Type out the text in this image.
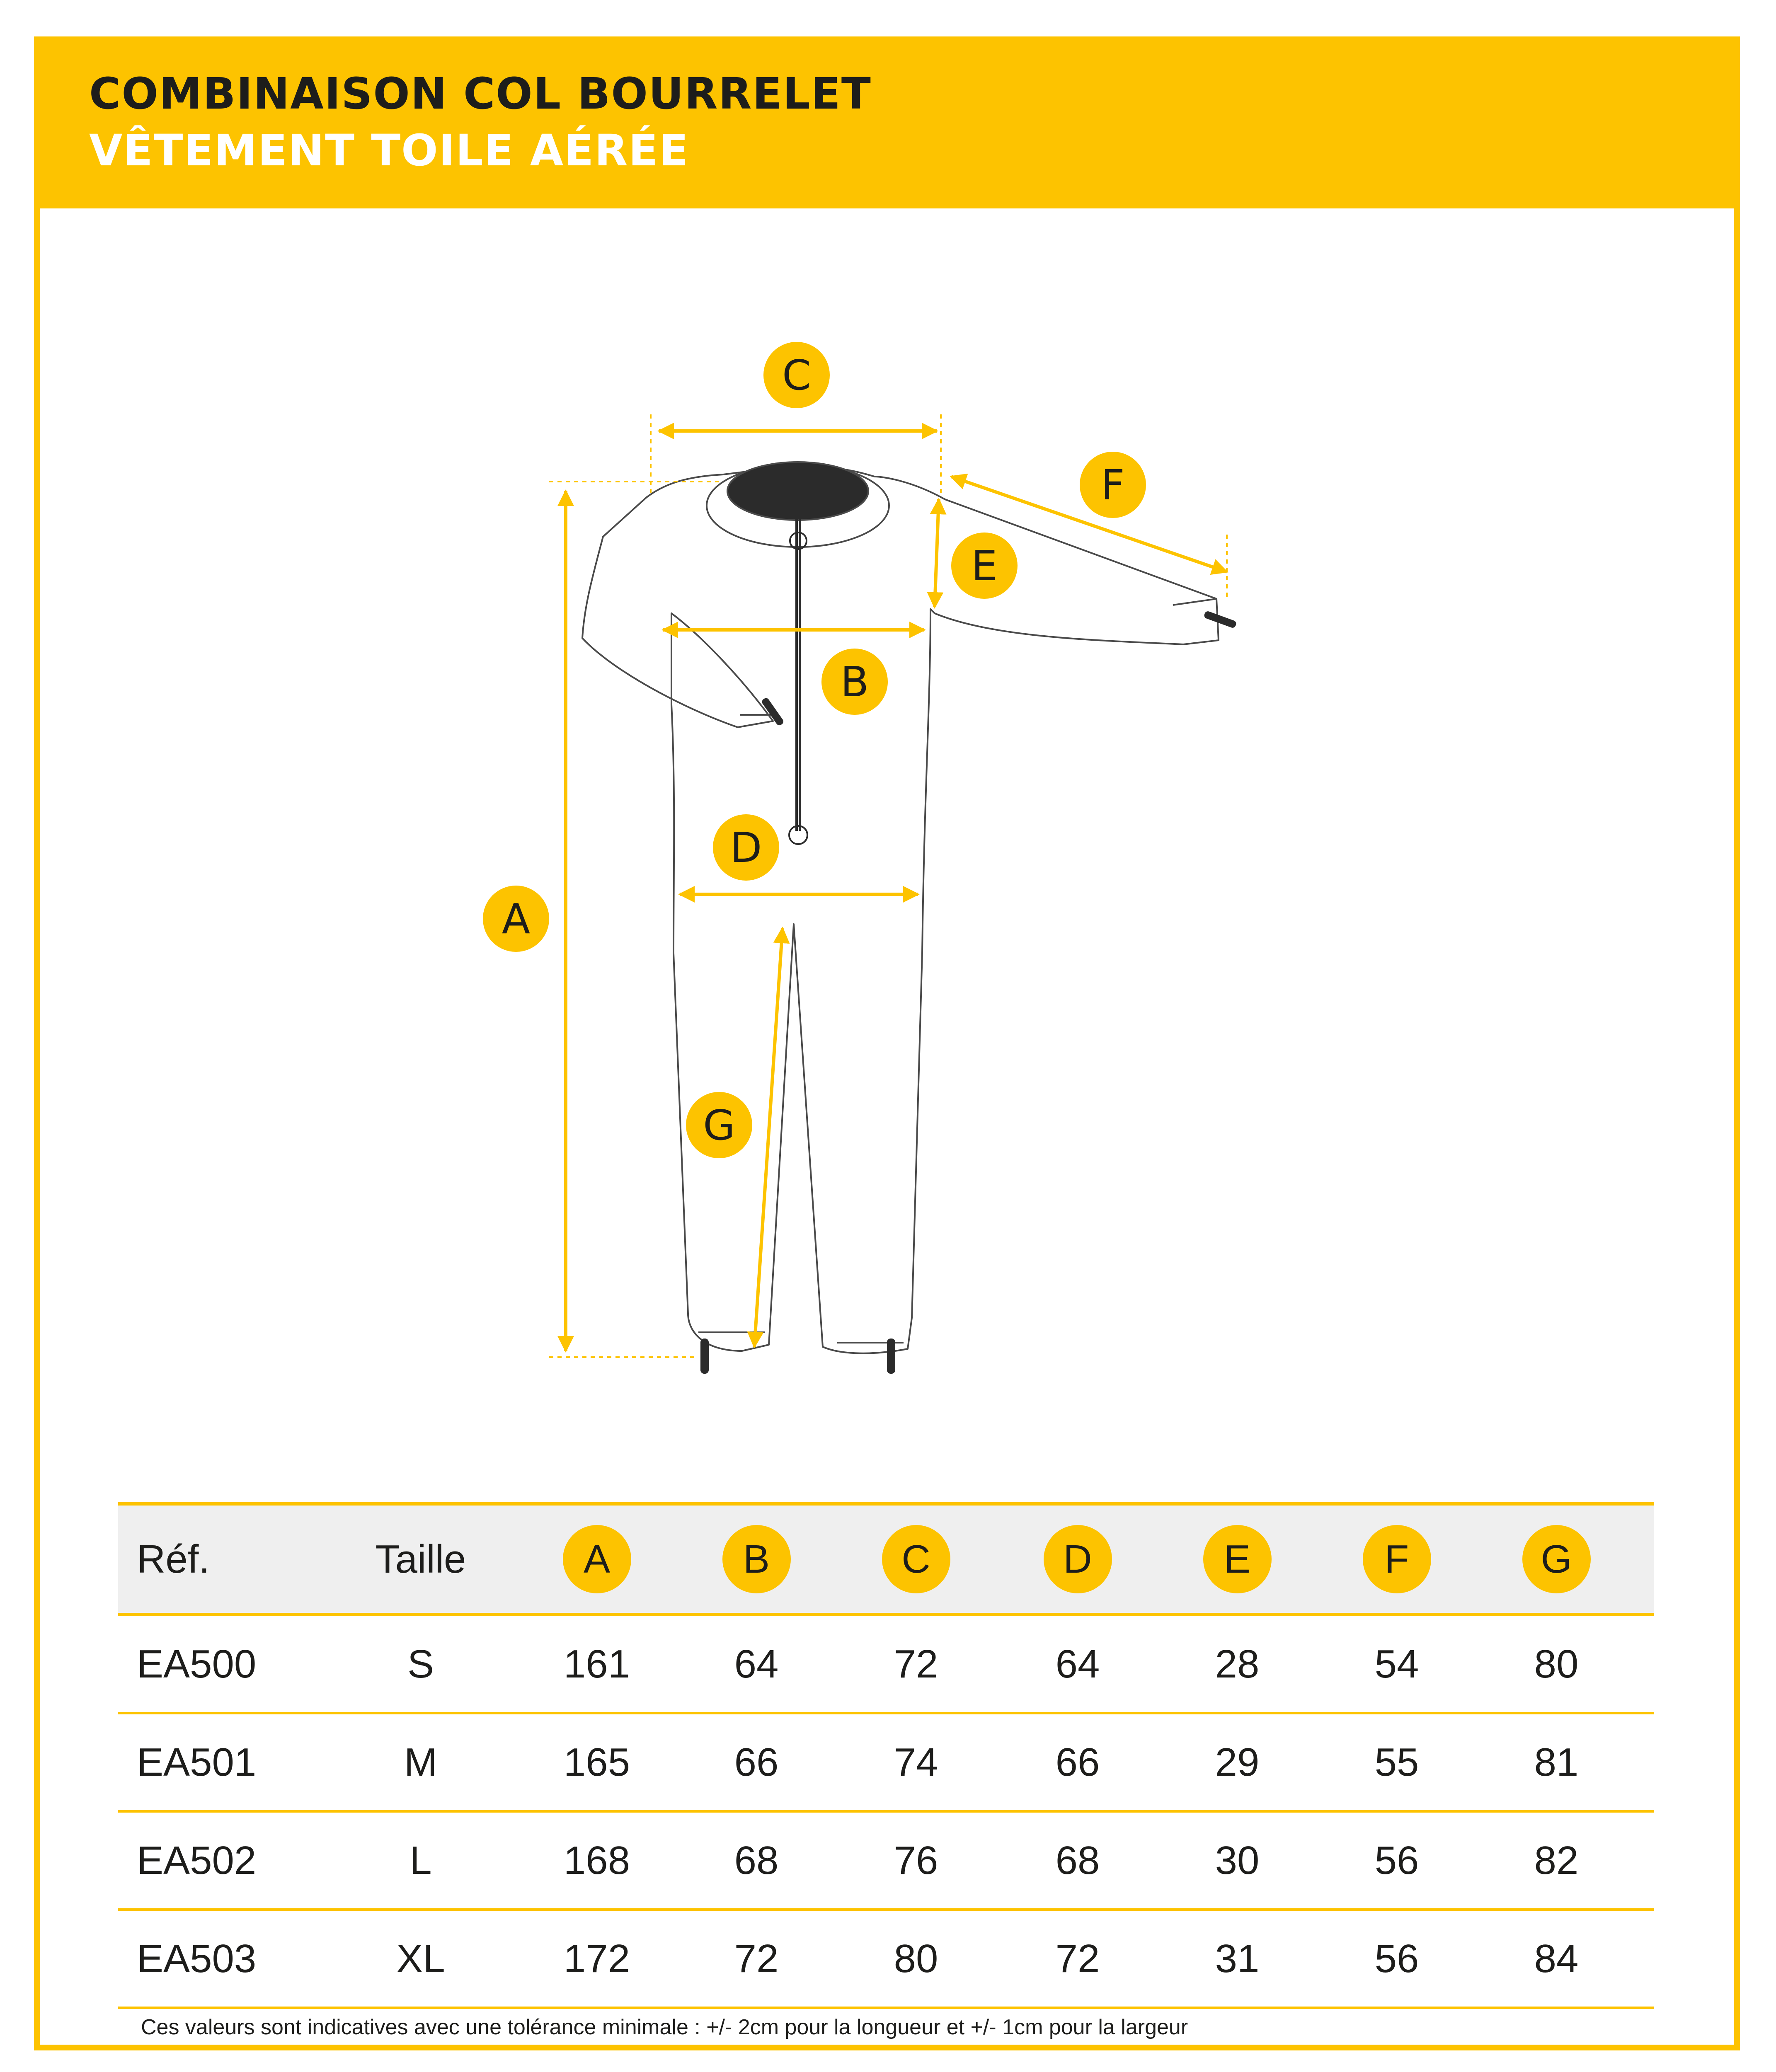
COMBINAISON COL BOURRELET
VÊTEMENT TOILE AÉRÉE
C
F
E
B
D
A
G
Réf.	Taille	A	B	C	D	E	F	G
EA500	S	161	64	72	64	28	54	80
EA501	M	165	66	74	66	29	55	81
EA502	L	168	68	76	68	30	56	82
EA503	XL	172	72	80	72	31	56	84
Ces valeurs sont indicatives avec une tolérance minimale : +/- 2cm pour la longueur et +/- 1cm pour la largeur
